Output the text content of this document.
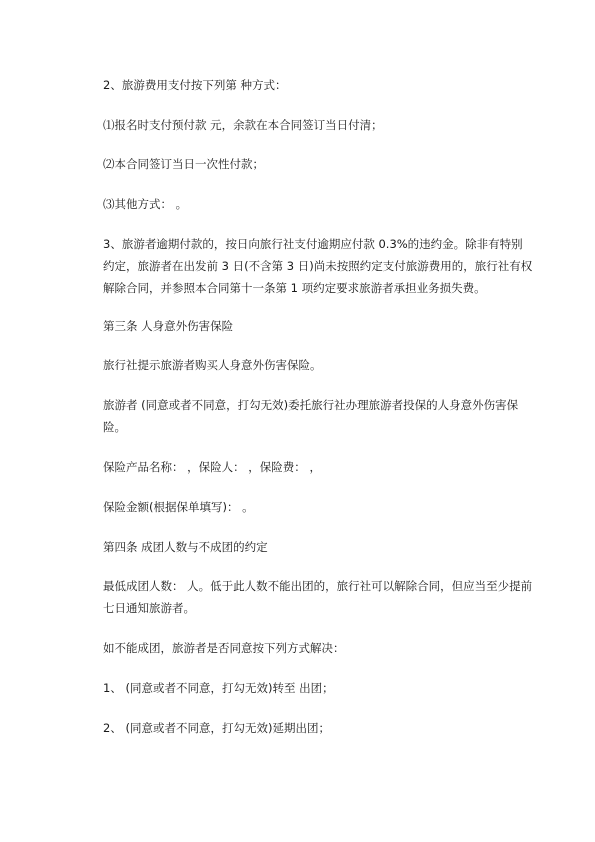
2、旅游费用支付按下列第 种方式：

⑴报名时支付预付款 元，余款在本合同签订当日付清；

⑵本合同签订当日一次性付款；

⑶其他方式： 。

3、旅游者逾期付款的，按日向旅行社支付逾期应付款 0.3%的违约金。除非有特别约定，旅游者在出发前 3 日(不含第 3 日)尚未按照约定支付旅游费用的，旅行社有权解除合同，并参照本合同第十一条第 1 项约定要求旅游者承担业务损失费。

第三条 人身意外伤害保险

旅行社提示旅游者购买人身意外伤害保险。

旅游者 (同意或者不同意，打勾无效)委托旅行社办理旅游者投保的人身意外伤害保险。

保险产品名称： ，保险人： ，保险费： ，

保险金额(根据保单填写)： 。

第四条 成团人数与不成团的约定

最低成团人数： 人。低于此人数不能出团的，旅行社可以解除合同，但应当至少提前七日通知旅游者。

如不能成团，旅游者是否同意按下列方式解决：

1、 (同意或者不同意，打勾无效)转至 出团；

2、 (同意或者不同意，打勾无效)延期出团；
